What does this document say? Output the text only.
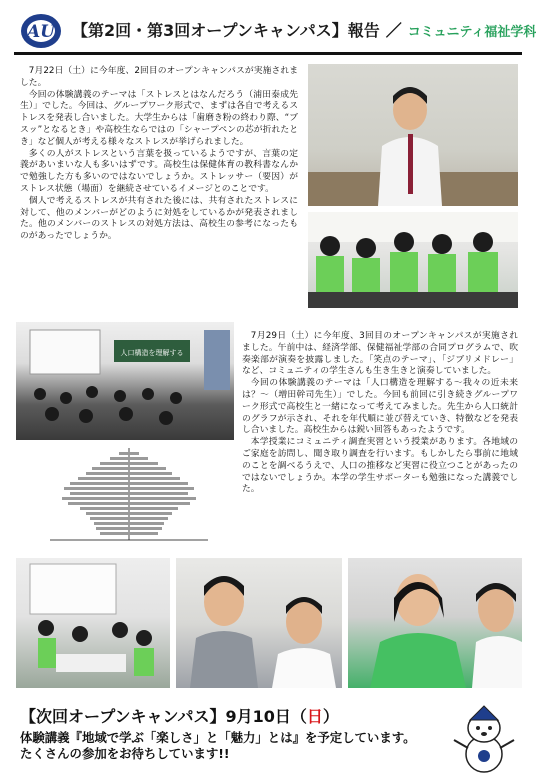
AU 【第2回・第3回オープンキャンパス】報告 ／ コミュニティ福祉学科

7月22日（土）に今年度、2回目のオープンキャンパスが実施されました。

今回の体験講義のテーマは「ストレスとはなんだろう（浦田泰成先生）」でした。今回は、グループワーク形式で、まずは各自で考えるストレスを発表し合いました。大学生からは「歯磨き粉の終わり際、“ブスッ”となるとき」や高校生ならではの「シャープペンの芯が折れたとき」など個人が考える様々なストレスが挙げられました。

多くの人がストレスという言葉を扱っているようですが、言葉の定義があいまいな人も多いはずです。高校生は保健体育の教科書なんかで勉強した方も多いのではないでしょうか。ストレッサー（要因）がストレス状態（場面）を継続させているイメージとのことです。

個人で考えるストレスが共有された後には、共有されたストレスに対して、他のメンバーがどのように対処をしているかが発表されました。他のメンバーのストレスの対処方法は、高校生の参考になったものがあったでしょうか。

人口構造を理解する

7月29日（土）に今年度、3回目のオープンキャンパスが実施されました。午前中は、経済学部、保健福祉学部の合同プログラムで、吹奏楽部が演奏を披露しました。「笑点のテーマ」、「ジブリメドレー」など、コミュニティの学生さんも生き生きと演奏していました。

今回の体験講義のテーマは「人口構造を理解する～我々の近未来は？～（増田幹司先生）」でした。今回も前回に引き続きグループワーク形式で高校生と一緒になって考えてみました。先生から人口統計のグラフが示され、それを年代順に並び替えていき、特徴などを発表し合いました。高校生からは鋭い回答もあったようです。

本学授業にコミュニティ調査実習という授業があります。各地域のご家庭を訪問し、聞き取り調査を行います。もしかしたら事前に地域のことを調べるうえで、人口の推移など実習に役立つことがあったのではないでしょうか。本学の学生サポーターも勉強になった講義でした。

【次回オープンキャンパス】9月10日（日）
体験講義『地域で学ぶ「楽しさ」と「魅力」とは』を予定しています。
たくさんの参加をお待ちしています!!
